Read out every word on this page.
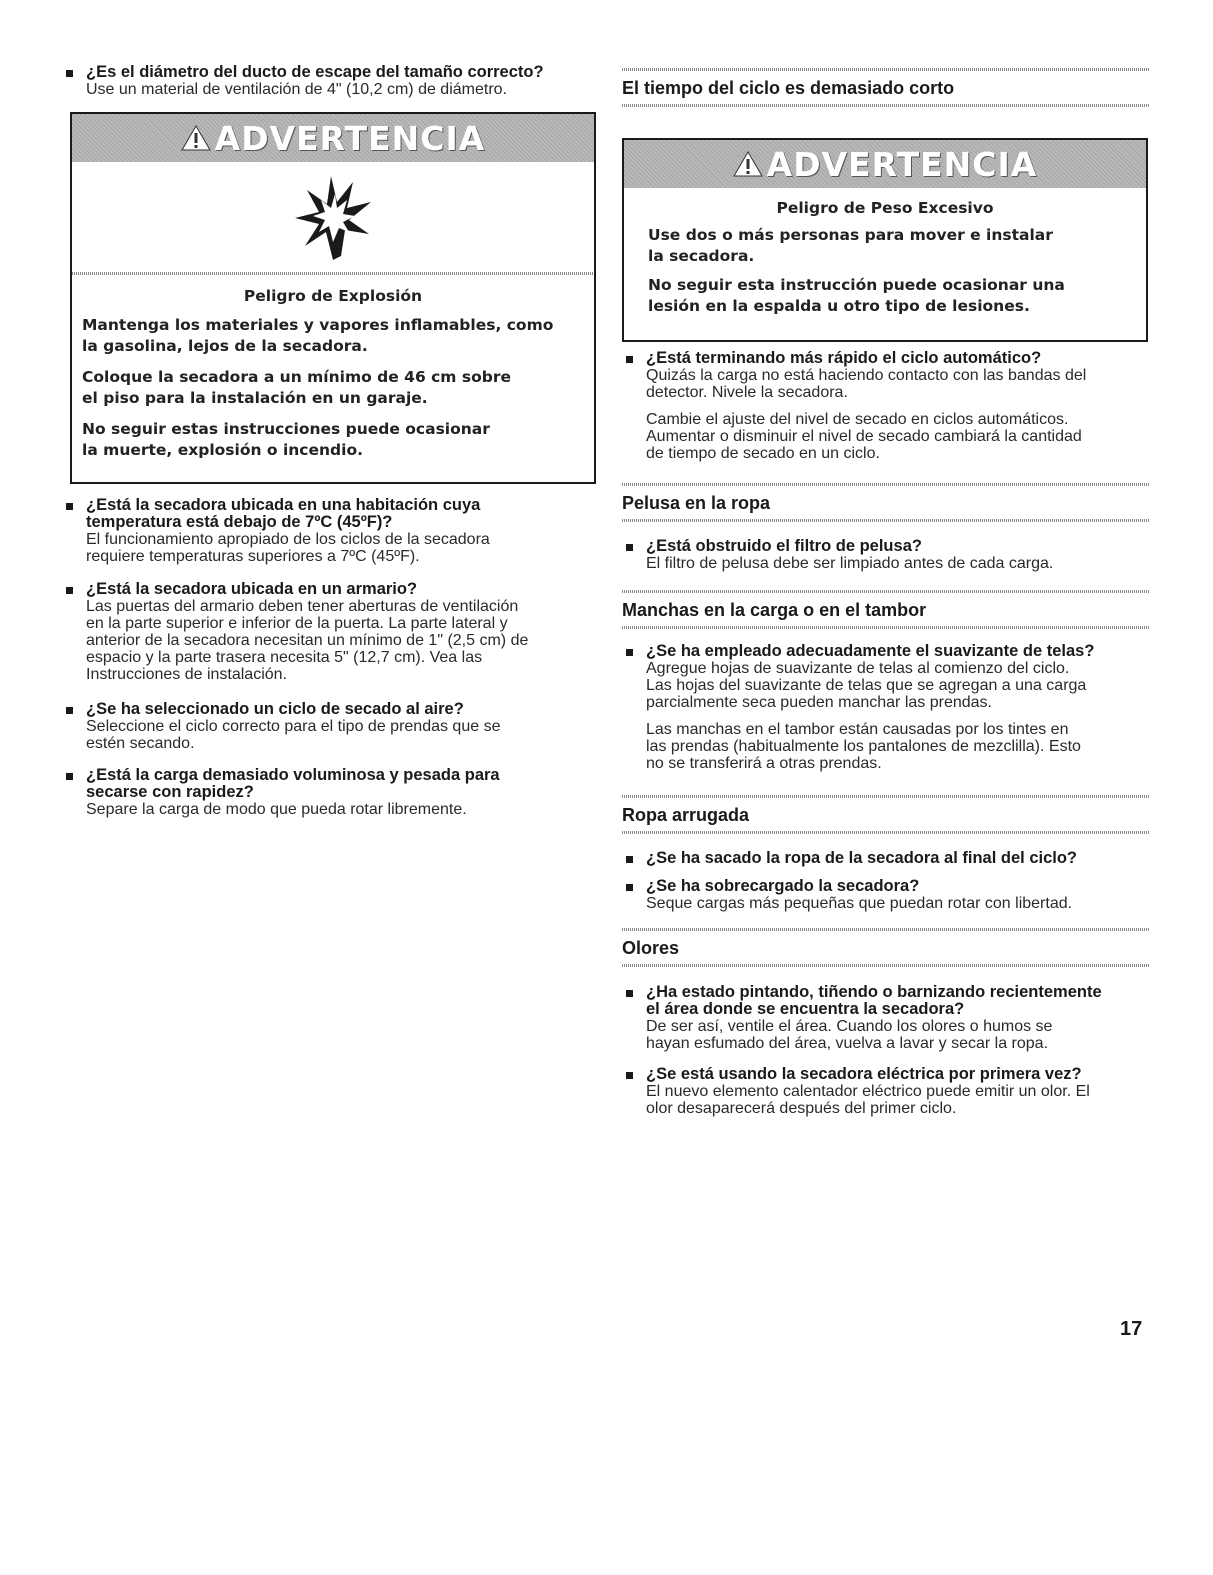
¿Es el diámetro del ducto de escape del tamaño correcto?
Use un material de ventilación de 4" (10,2 cm) de diámetro.
ADVERTENCIA
Peligro de Explosión
Mantenga los materiales y vapores inflamables, como
la gasolina, lejos de la secadora.
Coloque la secadora a un mínimo de 46 cm sobre
el piso para la instalación en un garaje.
No seguir estas instrucciones puede ocasionar
la muerte, explosión o incendio.
¿Está la secadora ubicada en una habitación cuya
temperatura está debajo de 7ºC (45ºF)?
El funcionamiento apropiado de los ciclos de la secadora
requiere temperaturas superiores a 7ºC (45ºF).
¿Está la secadora ubicada en un armario?
Las puertas del armario deben tener aberturas de ventilación
en la parte superior e inferior de la puerta. La parte lateral y
anterior de la secadora necesitan un mínimo de 1" (2,5 cm) de
espacio y la parte trasera necesita 5" (12,7 cm). Vea las
Instrucciones de instalación.
¿Se ha seleccionado un ciclo de secado al aire?
Seleccione el ciclo correcto para el tipo de prendas que se
estén secando.
¿Está la carga demasiado voluminosa y pesada para
secarse con rapidez?
Separe la carga de modo que pueda rotar libremente.
El tiempo del ciclo es demasiado corto
ADVERTENCIA
Peligro de Peso Excesivo
Use dos o más personas para mover e instalar
la secadora.
No seguir esta instrucción puede ocasionar una
lesión en la espalda u otro tipo de lesiones.
¿Está terminando más rápido el ciclo automático?
Quizás la carga no está haciendo contacto con las bandas del
detector. Nivele la secadora.
Cambie el ajuste del nivel de secado en ciclos automáticos.
Aumentar o disminuir el nivel de secado cambiará la cantidad
de tiempo de secado en un ciclo.
Pelusa en la ropa
¿Está obstruido el filtro de pelusa?
El filtro de pelusa debe ser limpiado antes de cada carga.
Manchas en la carga o en el tambor
¿Se ha empleado adecuadamente el suavizante de telas?
Agregue hojas de suavizante de telas al comienzo del ciclo.
Las hojas del suavizante de telas que se agregan a una carga
parcialmente seca pueden manchar las prendas.
Las manchas en el tambor están causadas por los tintes en
las prendas (habitualmente los pantalones de mezclilla). Esto
no se transferirá a otras prendas.
Ropa arrugada
¿Se ha sacado la ropa de la secadora al final del ciclo?
¿Se ha sobrecargado la secadora?
Seque cargas más pequeñas que puedan rotar con libertad.
Olores
¿Ha estado pintando, tiñendo o barnizando recientemente
el área donde se encuentra la secadora?
De ser así, ventile el área. Cuando los olores o humos se
hayan esfumado del área, vuelva a lavar y secar la ropa.
¿Se está usando la secadora eléctrica por primera vez?
El nuevo elemento calentador eléctrico puede emitir un olor. El
olor desaparecerá después del primer ciclo.
17
